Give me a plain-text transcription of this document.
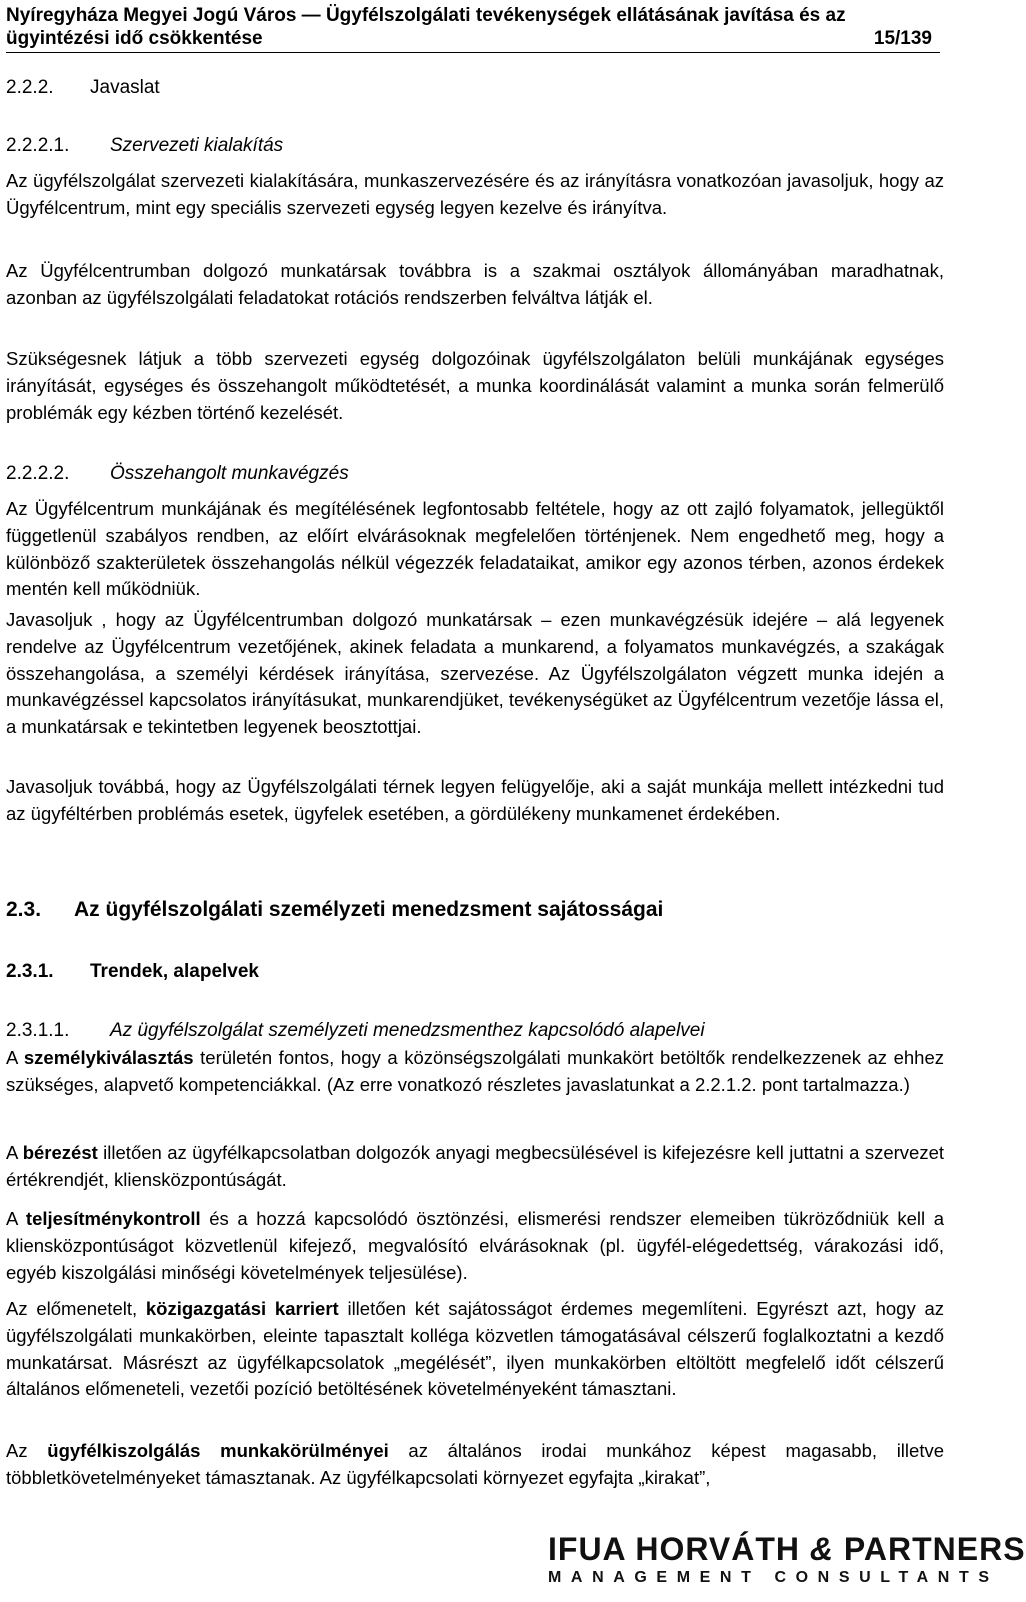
Nyíregyháza Megyei Jogú Város — Ügyfélszolgálati tevékenységek ellátásának javítása és az
ügyintézési idő csökkentése	15/139
2.2.2. Javaslat
2.2.2.1. Szervezeti kialakítás

Az ügyfélszolgálat szervezeti kialakítására, munkaszervezésére és az irányításra vonatkozóan javasoljuk, hogy az Ügyfélcentrum, mint egy speciális szervezeti egység legyen kezelve és irányítva.

Az Ügyfélcentrumban dolgozó munkatársak továbbra is a szakmai osztályok állományában maradhatnak, azonban az ügyfélszolgálati feladatokat rotációs rendszerben felváltva látják el.

Szükségesnek látjuk a több szervezeti egység dolgozóinak ügyfélszolgálaton belüli munkájának egységes irányítását, egységes és összehangolt működtetését, a munka koordinálását valamint a munka során felmerülő problémák egy kézben történő kezelését.

2.2.2.2. Összehangolt munkavégzés

Az Ügyfélcentrum munkájának és megítélésének legfontosabb feltétele, hogy az ott zajló folyamatok, jellegüktől függetlenül szabályos rendben, az előírt elvárásoknak megfelelően történjenek. Nem engedhető meg, hogy a különböző szakterületek összehangolás nélkül végezzék feladataikat, amikor egy azonos térben, azonos érdekek mentén kell működniük.

Javasoljuk , hogy az Ügyfélcentrumban dolgozó munkatársak – ezen munkavégzésük idejére – alá legyenek rendelve az Ügyfélcentrum vezetőjének, akinek feladata a munkarend, a folyamatos munkavégzés, a szakágak összehangolása, a személyi kérdések irányítása, szervezése. Az Ügyfélszolgálaton végzett munka idején a munkavégzéssel kapcsolatos irányításukat, munkarendjüket, tevékenységüket az Ügyfélcentrum vezetője lássa el, a munkatársak e tekintetben legyenek beosztottjai.

Javasoljuk továbbá, hogy az Ügyfélszolgálati térnek legyen felügyelője, aki a saját munkája mellett intézkedni tud az ügyféltérben problémás esetek, ügyfelek esetében, a gördülékeny munkamenet érdekében.

2.3. Az ügyfélszolgálati személyzeti menedzsment sajátosságai
2.3.1. Trendek, alapelvek
2.3.1.1. Az ügyfélszolgálat személyzeti menedzsmenthez kapcsolódó alapelvei

A személykiválasztás területén fontos, hogy a közönségszolgálati munkakört betöltők rendelkezzenek az ehhez szükséges, alapvető kompetenciákkal. (Az erre vonatkozó részletes javaslatunkat a 2.2.1.2. pont tartalmazza.)

A bérezést illetően az ügyfélkapcsolatban dolgozók anyagi megbecsülésével is kifejezésre kell juttatni a szervezet értékrendjét, kliensközpontúságát.

A teljesítménykontroll és a hozzá kapcsolódó ösztönzési, elismerési rendszer elemeiben tükröződniük kell a kliensközpontúságot közvetlenül kifejező, megvalósító elvárásoknak (pl. ügyfél-elégedettség, várakozási idő, egyéb kiszolgálási minőségi követelmények teljesülése).

Az előmenetelt, közigazgatási karriert illetően két sajátosságot érdemes megemlíteni. Egyrészt azt, hogy az ügyfélszolgálati munkakörben, eleinte tapasztalt kollégа közvetlen támogatásával célszerű foglalkoztatni a kezdő munkatársat. Másrészt az ügyfélkapcsolatok „megélését”, ilyen munkakörben eltöltött megfelelő időt célszerű általános előmeneteli, vezetői pozíció betöltésének követelményeként támasztani.

Az ügyfélkiszolgálás munkakörülményei az általános irodai munkához képest magasabb, illetve többletkövetelményeket támasztanak. Az ügyfélkapcsolati környezet egyfajta „kirakat”,

IFUA HORVÁTH & PARTNERS
MANAGEMENT CONSULTANTS
